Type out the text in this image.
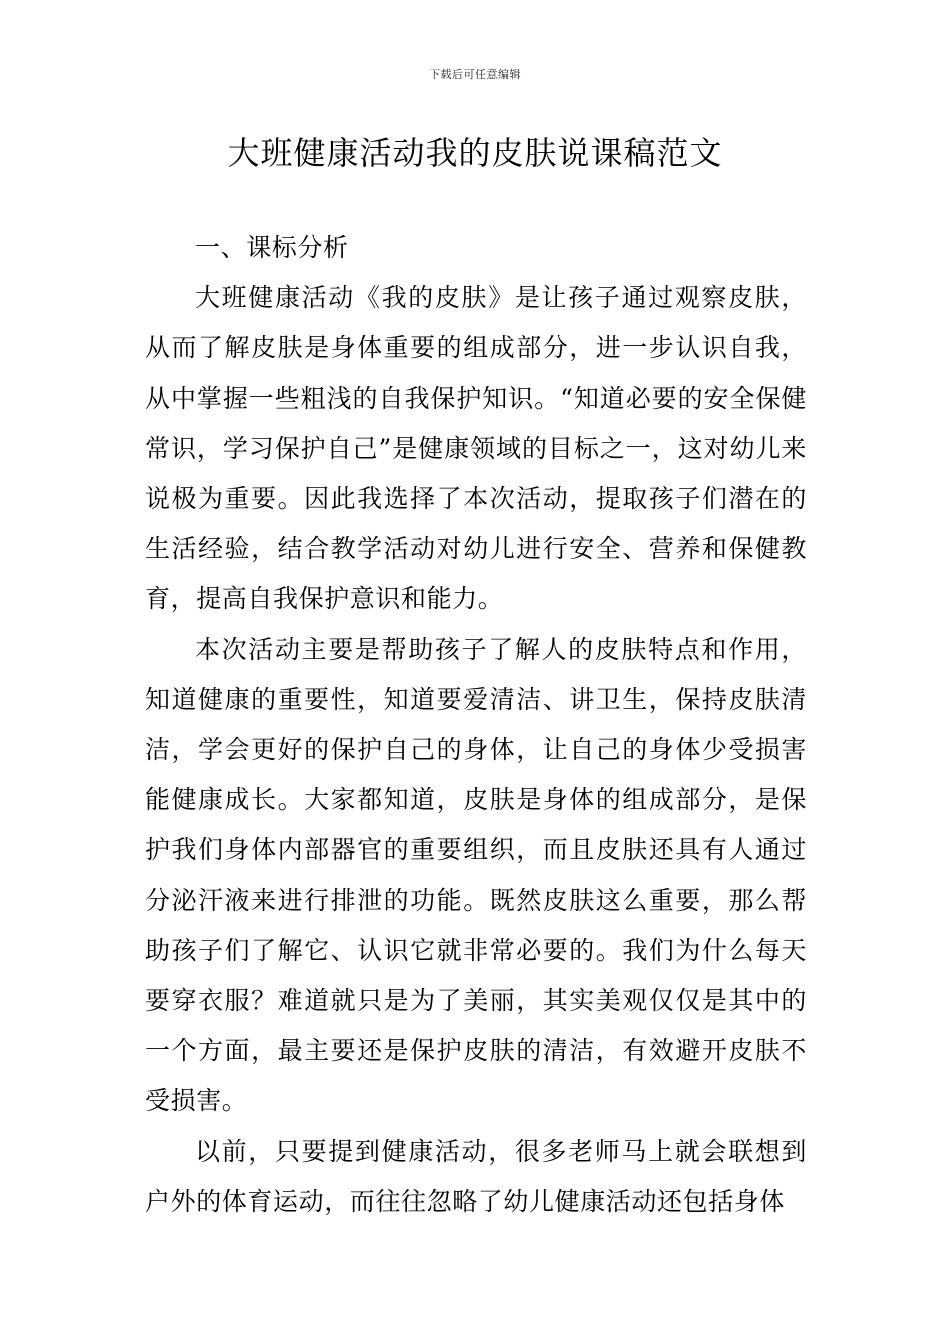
下载后可任意编辑
大班健康活动我的皮肤说课稿范文

一、课标分析

大班健康活动《我的皮肤》是让孩子通过观察皮肤，从而了解皮肤是身体重要的组成部分，进一步认识自我，从中掌握一些粗浅的自我保护知识。“知道必要的安全保健常识，学习保护自己”是健康领域的目标之一，这对幼儿来说极为重要。因此我选择了本次活动，提取孩子们潜在的生活经验，结合教学活动对幼儿进行安全、营养和保健教育，提高自我保护意识和能力。

本次活动主要是帮助孩子了解人的皮肤特点和作用，知道健康的重要性，知道要爱清洁、讲卫生，保持皮肤清洁，学会更好的保护自己的身体，让自己的身体少受损害能健康成长。大家都知道，皮肤是身体的组成部分，是保护我们身体内部器官的重要组织，而且皮肤还具有人通过分泌汗液来进行排泄的功能。既然皮肤这么重要，那么帮助孩子们了解它、认识它就非常必要的。我们为什么每天要穿衣服？难道就只是为了美丽，其实美观仅仅是其中的一个方面，最主要还是保护皮肤的清洁，有效避开皮肤不受损害。

以前，只要提到健康活动，很多老师马上就会联想到户外的体育运动，而往往忽略了幼儿健康活动还包括身体
